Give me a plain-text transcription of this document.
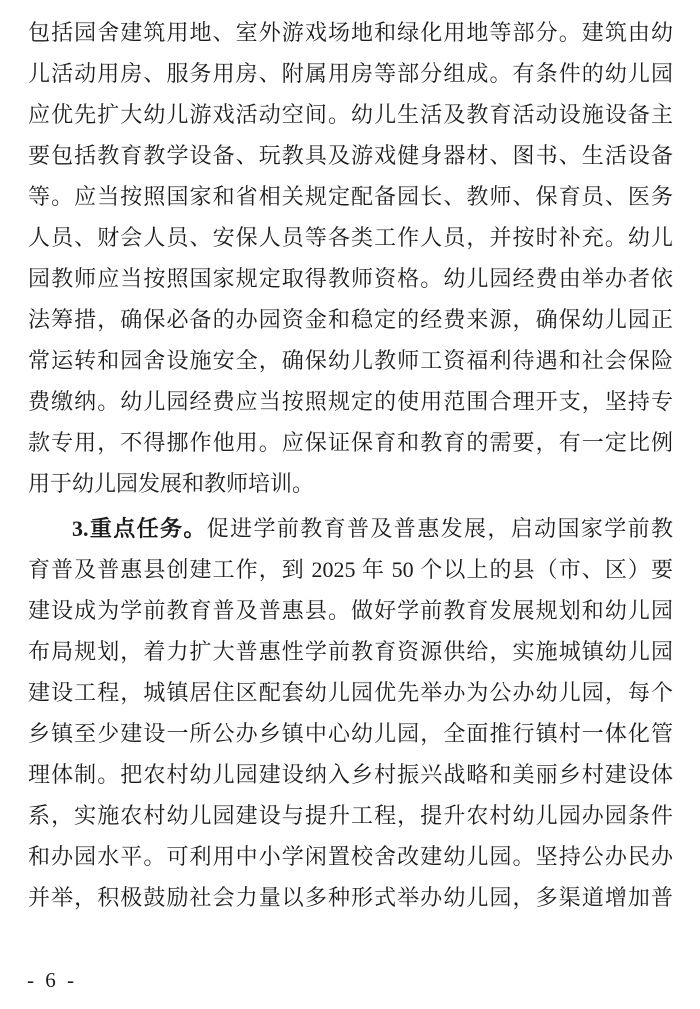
包括园舍建筑用地、室外游戏场地和绿化用地等部分。建筑由幼
儿活动用房、服务用房、附属用房等部分组成。有条件的幼儿园
应优先扩大幼儿游戏活动空间。幼儿生活及教育活动设施设备主
要包括教育教学设备、玩教具及游戏健身器材、图书、生活设备
等。应当按照国家和省相关规定配备园长、教师、保育员、医务
人员、财会人员、安保人员等各类工作人员，并按时补充。幼儿
园教师应当按照国家规定取得教师资格。幼儿园经费由举办者依
法筹措，确保必备的办园资金和稳定的经费来源，确保幼儿园正
常运转和园舍设施安全，确保幼儿教师工资福利待遇和社会保险
费缴纳。幼儿园经费应当按照规定的使用范围合理开支，坚持专
款专用，不得挪作他用。应保证保育和教育的需要，有一定比例
用于幼儿园发展和教师培训。
3.重点任务。促进学前教育普及普惠发展，启动国家学前教
育普及普惠县创建工作，到 2025 年 50 个以上的县（市、区）要
建设成为学前教育普及普惠县。做好学前教育发展规划和幼儿园
布局规划，着力扩大普惠性学前教育资源供给，实施城镇幼儿园
建设工程，城镇居住区配套幼儿园优先举办为公办幼儿园，每个
乡镇至少建设一所公办乡镇中心幼儿园，全面推行镇村一体化管
理体制。把农村幼儿园建设纳入乡村振兴战略和美丽乡村建设体
系，实施农村幼儿园建设与提升工程，提升农村幼儿园办园条件
和办园水平。可利用中小学闲置校舍改建幼儿园。坚持公办民办
并举，积极鼓励社会力量以多种形式举办幼儿园，多渠道增加普
- 6 -
